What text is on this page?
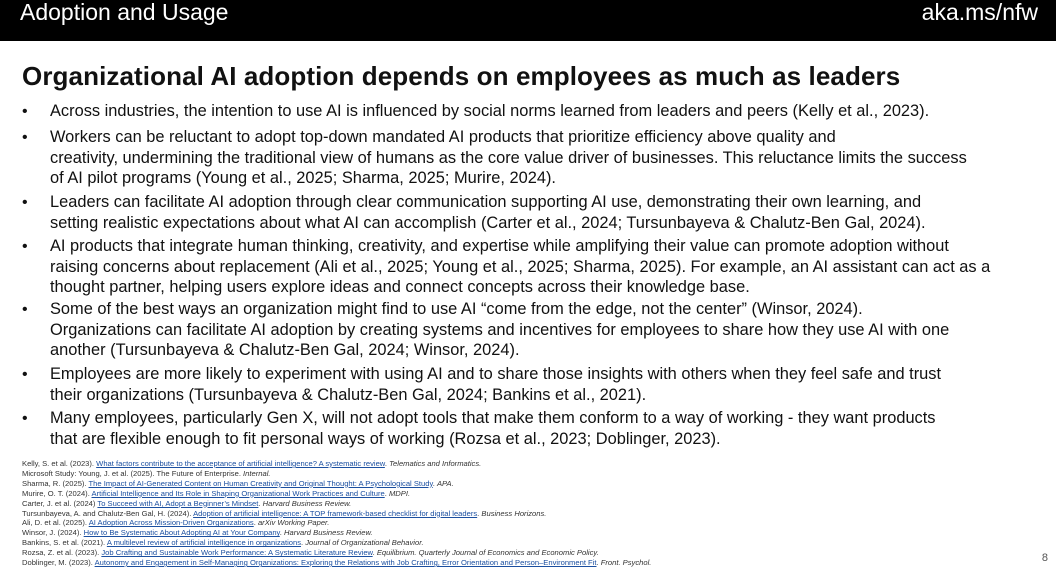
Adoption and Usage	aka.ms/nfw
Organizational AI adoption depends on employees as much as leaders
• Across industries, the intention to use AI is influenced by social norms learned from leaders and peers (Kelly et al., 2023).
• Workers can be reluctant to adopt top-down mandated AI products that prioritize efficiency above quality and
creativity, undermining the traditional view of humans as the core value driver of businesses. This reluctance limits the success
of AI pilot programs (Young et al., 2025; Sharma, 2025; Murire, 2024).
• Leaders can facilitate AI adoption through clear communication supporting AI use, demonstrating their own learning, and
setting realistic expectations about what AI can accomplish (Carter et al., 2024; Tursunbayeva & Chalutz-Ben Gal, 2024).
• AI products that integrate human thinking, creativity, and expertise while amplifying their value can promote adoption without
raising concerns about replacement (Ali et al., 2025; Young et al., 2025; Sharma, 2025). For example, an AI assistant can act as a
thought partner, helping users explore ideas and connect concepts across their knowledge base.
• Some of the best ways an organization might find to use AI “come from the edge, not the center” (Winsor, 2024).
Organizations can facilitate AI adoption by creating systems and incentives for employees to share how they use AI with one
another (Tursunbayeva & Chalutz-Ben Gal, 2024; Winsor, 2024).
• Employees are more likely to experiment with using AI and to share those insights with others when they feel safe and trust
their organizations (Tursunbayeva & Chalutz-Ben Gal, 2024; Bankins et al., 2021).
• Many employees, particularly Gen X, will not adopt tools that make them conform to a way of working - they want products
that are flexible enough to fit personal ways of working (Rozsa et al., 2023; Doblinger, 2023).
Kelly, S. et al. (2023). What factors contribute to the acceptance of artificial intelligence? A systematic review. Telematics and Informatics.
Microsoft Study: Young, J. et al. (2025). The Future of Enterprise. Internal.
Sharma, R. (2025). The Impact of AI-Generated Content on Human Creativity and Original Thought: A Psychological Study. APA.
Murire, O. T. (2024). Artificial Intelligence and Its Role in Shaping Organizational Work Practices and Culture. MDPI.
Carter, J. et al. (2024) To Succeed with AI, Adopt a Beginner’s Mindset. Harvard Business Review.
Tursunbayeva, A. and Chalutz-Ben Gal, H. (2024). Adoption of artificial intelligence: A TOP framework-based checklist for digital leaders. Business Horizons.
Ali, D. et al. (2025). AI Adoption Across Mission-Driven Organizations. arXiv Working Paper.
Winsor, J. (2024). How to Be Systematic About Adopting AI at Your Company. Harvard Business Review.
Bankins, S. et al. (2021). A multilevel review of artificial intelligence in organizations. Journal of Organizational Behavior.
Rozsa, Z. et al. (2023). Job Crafting and Sustainable Work Performance: A Systematic Literature Review. Equilibrium. Quarterly Journal of Economics and Economic Policy.
Doblinger, M. (2023). Autonomy and Engagement in Self-Managing Organizations: Exploring the Relations with Job Crafting, Error Orientation and Person–Environment Fit. Front. Psychol.	8
